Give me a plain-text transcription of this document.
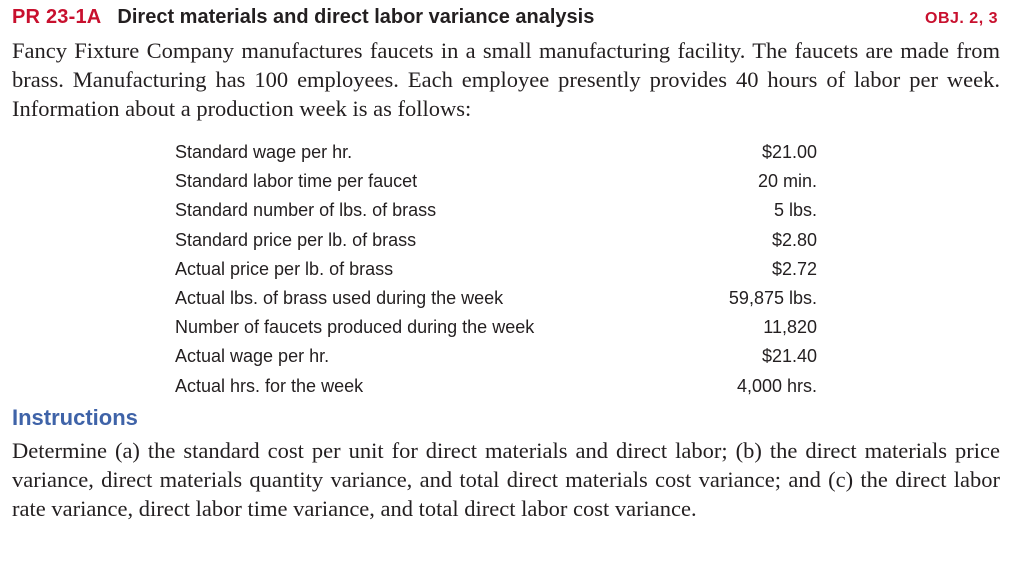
PR 23-1A Direct materials and direct labor variance analysis	OBJ. 2, 3

Fancy Fixture Company manufactures faucets in a small manufacturing facility. The faucets are made from brass. Manufacturing has 100 employees. Each employee presently provides 40 hours of labor per week. Information about a production week is as follows:

Standard wage per hr.	$21.00
Standard labor time per faucet	20 min.
Standard number of lbs. of brass	5 lbs.
Standard price per lb. of brass	$2.80
Actual price per lb. of brass	$2.72
Actual lbs. of brass used during the week	59,875 lbs.
Number of faucets produced during the week	11,820
Actual wage per hr.	$21.40
Actual hrs. for the week	4,000 hrs.
Instructions

Determine (a) the standard cost per unit for direct materials and direct labor; (b) the direct materials price variance, direct materials quantity variance, and total direct materials cost variance; and (c) the direct labor rate variance, direct labor time variance, and total direct labor cost variance.
